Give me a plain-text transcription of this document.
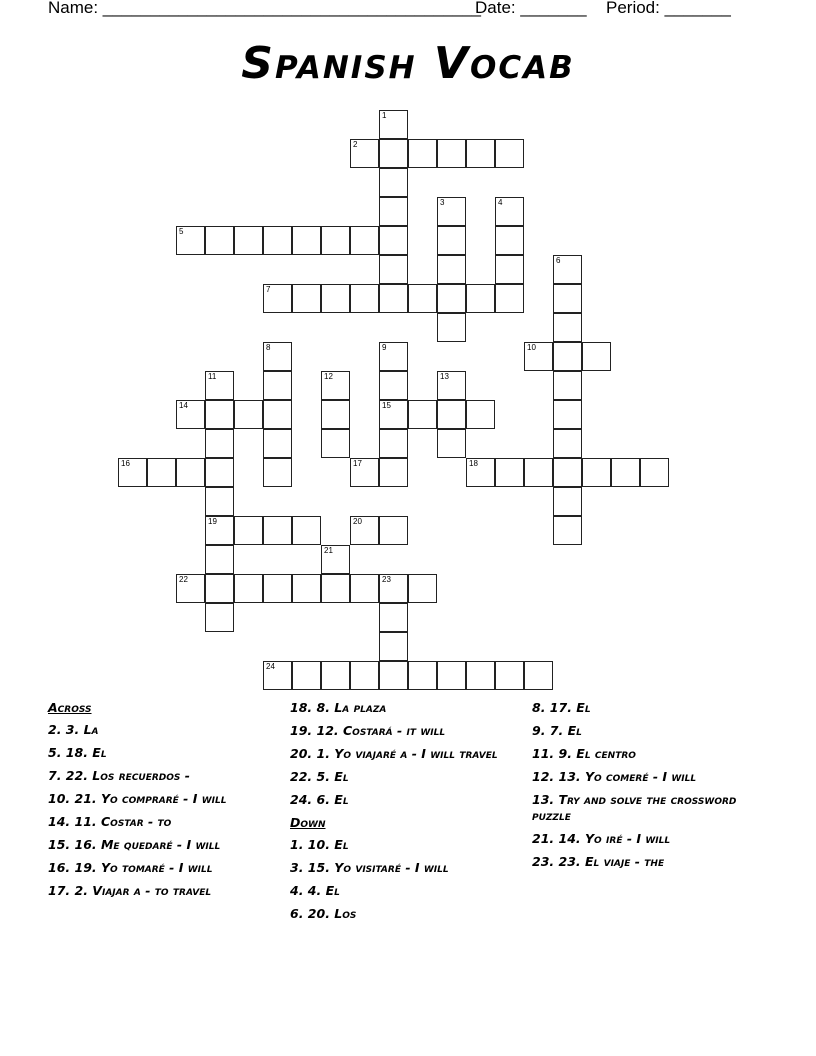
Name: ________________________________________
Date: _______ Period: _______
Spanish Vocab
1
2
3	4
5
6
7
8	9	10
11	12	13
14	15
16	17	18
19	20
21
22	23
24
Across
2. 3. La
5. 18. El
7. 22. Los recuerdos -
10. 21. Yo compraré - I will
14. 11. Costar - to
15. 16. Me quedaré - I will
16. 19. Yo tomaré - I will
17. 2. Viajar a - to travel
18. 8. La plaza
19. 12. Costará - it will
20. 1. Yo viajaré a - I will travel
22. 5. El
24. 6. El
Down
1. 10. El
3. 15. Yo visitaré - I will
4. 4. El
6. 20. Los
8. 17. El
9. 7. El
11. 9. El centro
12. 13. Yo comeré - I will
13. Try and solve the crossword puzzle
21. 14. Yo iré - I will
23. 23. El viaje - the
